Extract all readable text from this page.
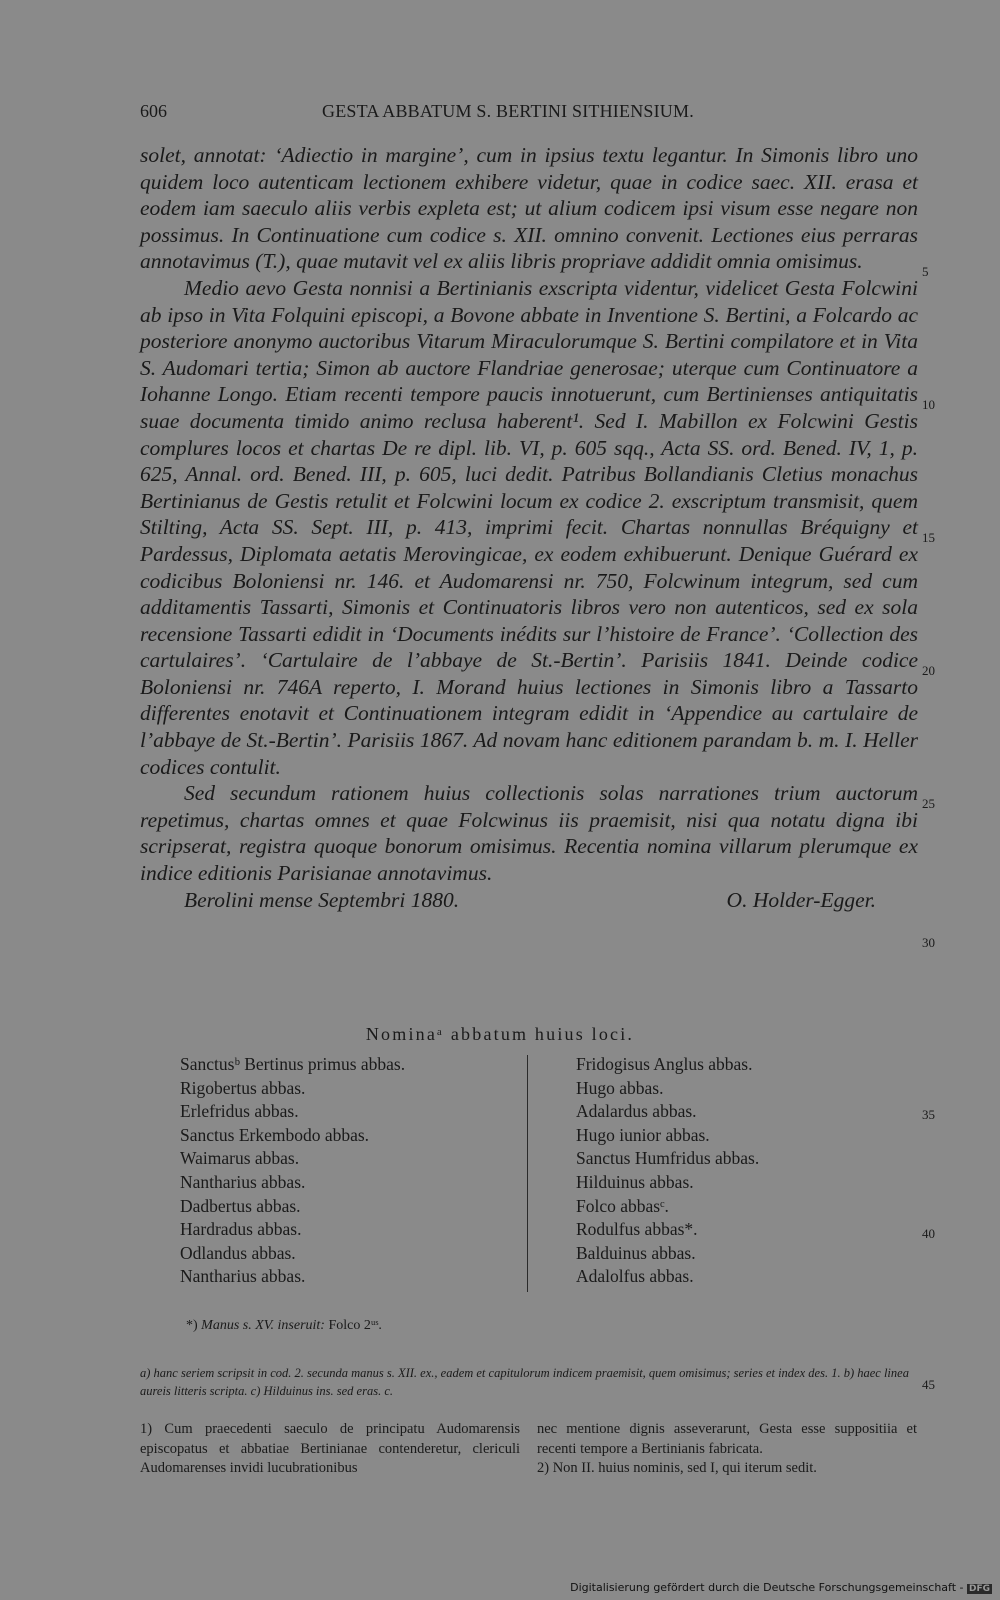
606	GESTA ABBATUM S. BERTINI SITHIENSIUM.

solet, annotat: ‘Adiectio in margine’, cum in ipsius textu legantur. In Simonis libro uno quidem loco autenticam lectionem exhibere videtur, quae in codice saec. XII. erasa et eodem iam saeculo aliis verbis expleta est; ut alium codicem ipsi visum esse negare non possimus. In Continuatione cum codice s. XII. omnino convenit. Lectiones eius perraras annotavimus (T.), quae mutavit vel ex aliis libris propriave addidit omnia omisimus.

Medio aevo Gesta nonnisi a Bertinianis exscripta videntur, videlicet Gesta Folcwini ab ipso in Vita Folquini episcopi, a Bovone abbate in Inventione S. Bertini, a Folcardo ac posteriore anonymo auctoribus Vitarum Miraculorumque S. Bertini compilatore et in Vita S. Audomari tertia; Simon ab auctore Flandriae generosae; uterque cum Continuatore a Iohanne Longo. Etiam recenti tempore paucis innotuerunt, cum Bertinienses antiquitatis suae documenta timido animo reclusa haberent¹. Sed I. Mabillon ex Folcwini Gestis complures locos et chartas De re dipl. lib. VI, p. 605 sqq., Acta SS. ord. Bened. IV, 1, p. 625, Annal. ord. Bened. III, p. 605, luci dedit. Patribus Bollandianis Cletius monachus Bertinianus de Gestis retulit et Folcwini locum ex codice 2. exscriptum transmisit, quem Stilting, Acta SS. Sept. III, p. 413, imprimi fecit. Chartas nonnullas Bréquigny et Pardessus, Diplomata aetatis Merovingicae, ex eodem exhibuerunt. Denique Guérard ex codicibus Boloniensi nr. 146. et Audomarensi nr. 750, Folcwinum integrum, sed cum additamentis Tassarti, Simonis et Continuatoris libros vero non autenticos, sed ex sola recensione Tassarti edidit in ‘Documents inédits sur l’histoire de France’. ‘Collection des cartulaires’. ‘Cartulaire de l’abbaye de St.-Bertin’. Parisiis 1841. Deinde codice Boloniensi nr. 746A reperto, I. Morand huius lectiones in Simonis libro a Tassarto differentes enotavit et Continuationem integram edidit in ‘Appendice au cartulaire de l’abbaye de St.-Bertin’. Parisiis 1867. Ad novam hanc editionem parandam b. m. I. Heller codices contulit.

Sed secundum rationem huius collectionis solas narrationes trium auctorum repetimus, chartas omnes et quae Folcwinus iis praemisit, nisi qua notatu digna ibi scripserat, registra quoque bonorum omisimus. Recentia nomina villarum plerumque ex indice editionis Parisianae annotavimus.

Berolini mense Septembri 1880.	O. Holder-Egger.
5
10
15
20
25
30
35
40
45
Nominaᵃ abbatum huius loci.
Sanctusᵇ Bertinus primus abbas.
Rigobertus abbas.
Erlefridus abbas.
Sanctus Erkembodo abbas.
Waimarus abbas.
Nantharius abbas.
Dadbertus abbas.
Hardradus abbas.
Odlandus abbas.
Nantharius abbas.
Fridogisus Anglus abbas.
Hugo abbas.
Adalardus abbas.
Hugo iunior abbas.
Sanctus Humfridus abbas.
Hilduinus abbas.
Folco abbasᶜ.
Rodulfus abbas*.
Balduinus abbas.
Adalolfus abbas.
*) Manus s. XV. inseruit: Folco 2ᵘˢ.
a) hanc seriem scripsit in cod. 2. secunda manus s. XII. ex., eadem et capitulorum indicem praemisit, quem omisimus; series et index des. 1. b) haec linea aureis litteris scripta. c) Hilduinus ins. sed eras. c.
1) Cum praecedenti saeculo de principatu Audomarensis episcopatus et abbatiae Bertinianae contenderetur, clericuli Audomarenses invidi lucubrationibus
nec mentione dignis asseverarunt, Gesta esse suppositiia et recenti tempore a Bertinianis fabricata.
2) Non II. huius nominis, sed I, qui iterum sedit.
Digitalisierung gefördert durch die Deutsche Forschungsgemeinschaft - DFG
